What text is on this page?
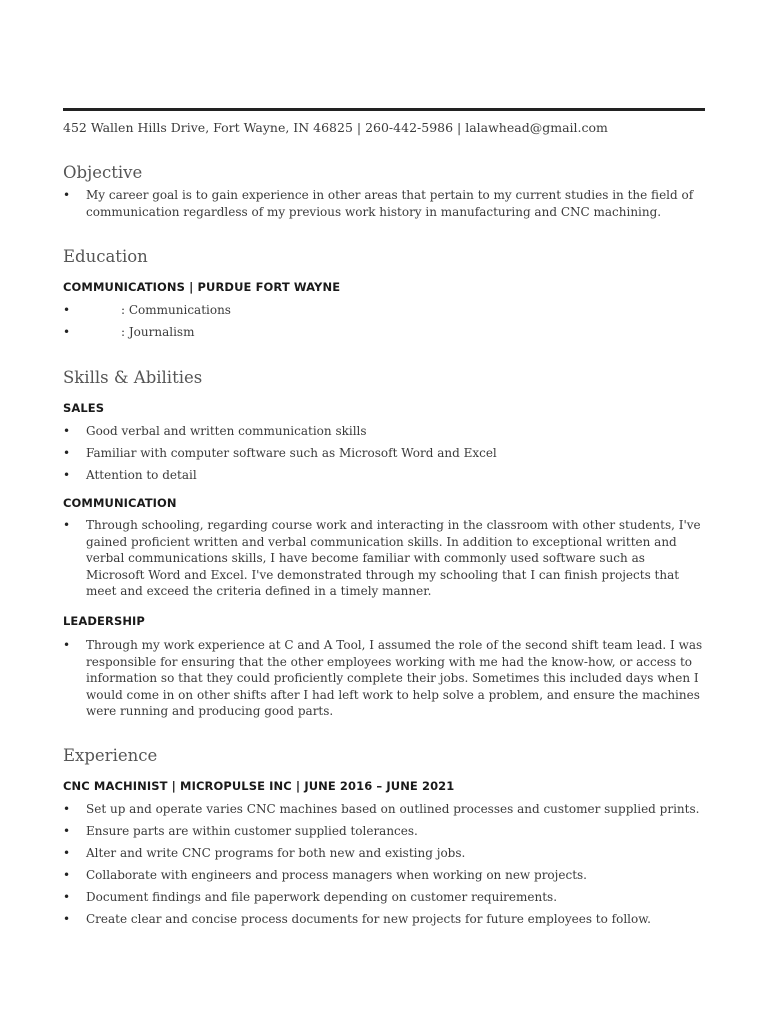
452 Wallen Hills Drive, Fort Wayne, IN 46825 | 260-442-5986 | lalawhead@gmail.com
Objective
• My career goal is to gain experience in other areas that pertain to my current studies in the field of communication regardless of my previous work history in manufacturing and CNC machining.
Education
COMMUNICATIONS | PURDUE FORT WAYNE
•	: Communications
•	: Journalism
Skills & Abilities
SALES
• Good verbal and written communication skills
• Familiar with computer software such as Microsoft Word and Excel
• Attention to detail
COMMUNICATION
• Through schooling, regarding course work and interacting in the classroom with other students, I've gained proficient written and verbal communication skills. In addition to exceptional written and verbal communications skills, I have become familiar with commonly used software such as Microsoft Word and Excel. I've demonstrated through my schooling that I can finish projects that meet and exceed the criteria defined in a timely manner.
LEADERSHIP
• Through my work experience at C and A Tool, I assumed the role of the second shift team lead. I was responsible for ensuring that the other employees working with me had the know-how, or access to information so that they could proficiently complete their jobs. Sometimes this included days when I would come in on other shifts after I had left work to help solve a problem, and ensure the machines were running and producing good parts.
Experience
CNC MACHINIST | MICROPULSE INC | JUNE 2016 – JUNE 2021
• Set up and operate varies CNC machines based on outlined processes and customer supplied prints.
• Ensure parts are within customer supplied tolerances.
• Alter and write CNC programs for both new and existing jobs.
• Collaborate with engineers and process managers when working on new projects.
• Document findings and file paperwork depending on customer requirements.
• Create clear and concise process documents for new projects for future employees to follow.
